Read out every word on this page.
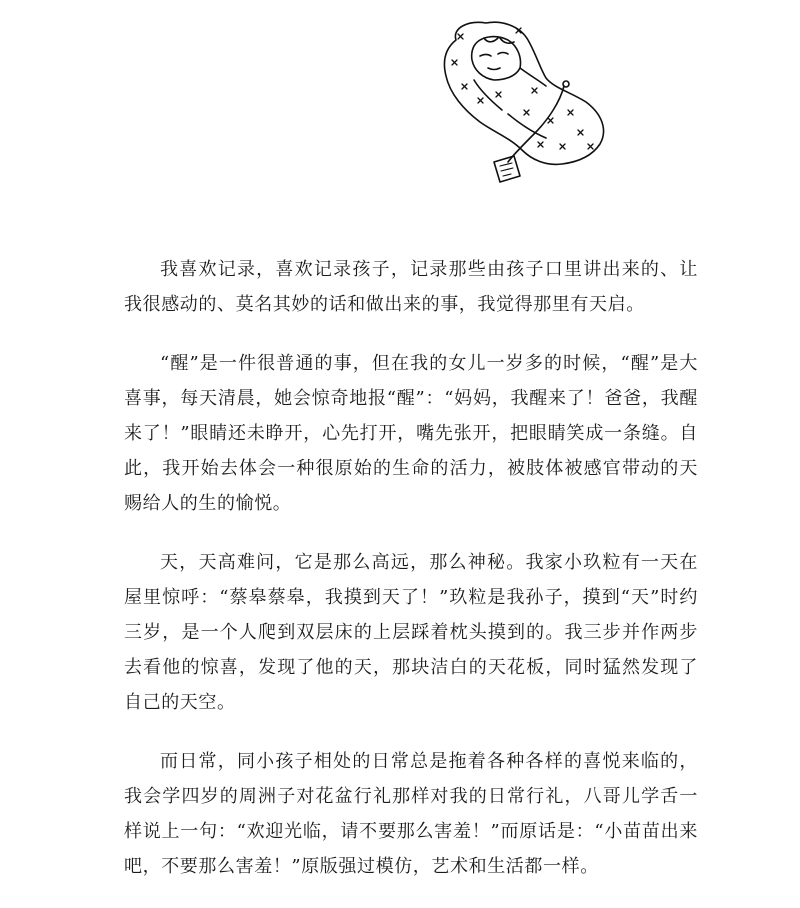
我喜欢记录，喜欢记录孩子，记录那些由孩子口里讲出来的、让我很感动的、莫名其妙的话和做出来的事，我觉得那里有天启。

“醒”是一件很普通的事，但在我的女儿一岁多的时候，“醒”是大喜事，每天清晨，她会惊奇地报“醒”：“妈妈，我醒来了！爸爸，我醒来了！”眼睛还未睁开，心先打开，嘴先张开，把眼睛笑成一条缝。自此，我开始去体会一种很原始的生命的活力，被肢体被感官带动的天赐给人的生的愉悦。

天，天高难问，它是那么高远，那么神秘。我家小玖粒有一天在屋里惊呼：“蔡皋蔡皋，我摸到天了！”玖粒是我孙子，摸到“天”时约三岁，是一个人爬到双层床的上层踩着枕头摸到的。我三步并作两步去看他的惊喜，发现了他的天，那块洁白的天花板，同时猛然发现了自己的天空。

而日常，同小孩子相处的日常总是拖着各种各样的喜悦来临的，我会学四岁的周洲子对花盆行礼那样对我的日常行礼，八哥儿学舌一样说上一句：“欢迎光临，请不要那么害羞！”而原话是：“小苗苗出来吧，不要那么害羞！”原版强过模仿，艺术和生活都一样。
